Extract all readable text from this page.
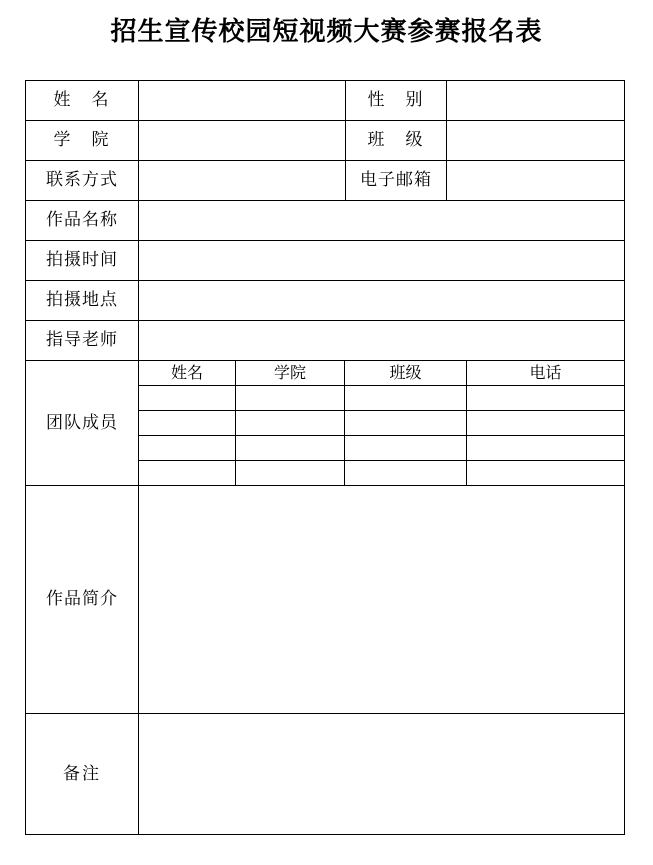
招生宣传校园短视频大赛参赛报名表
姓　名	性　别
学　院	班　级
联系方式	电子邮箱
作品名称
拍摄时间
拍摄地点
指导老师
团队成员
姓名	学院	班级	电话
作品简介
备注
